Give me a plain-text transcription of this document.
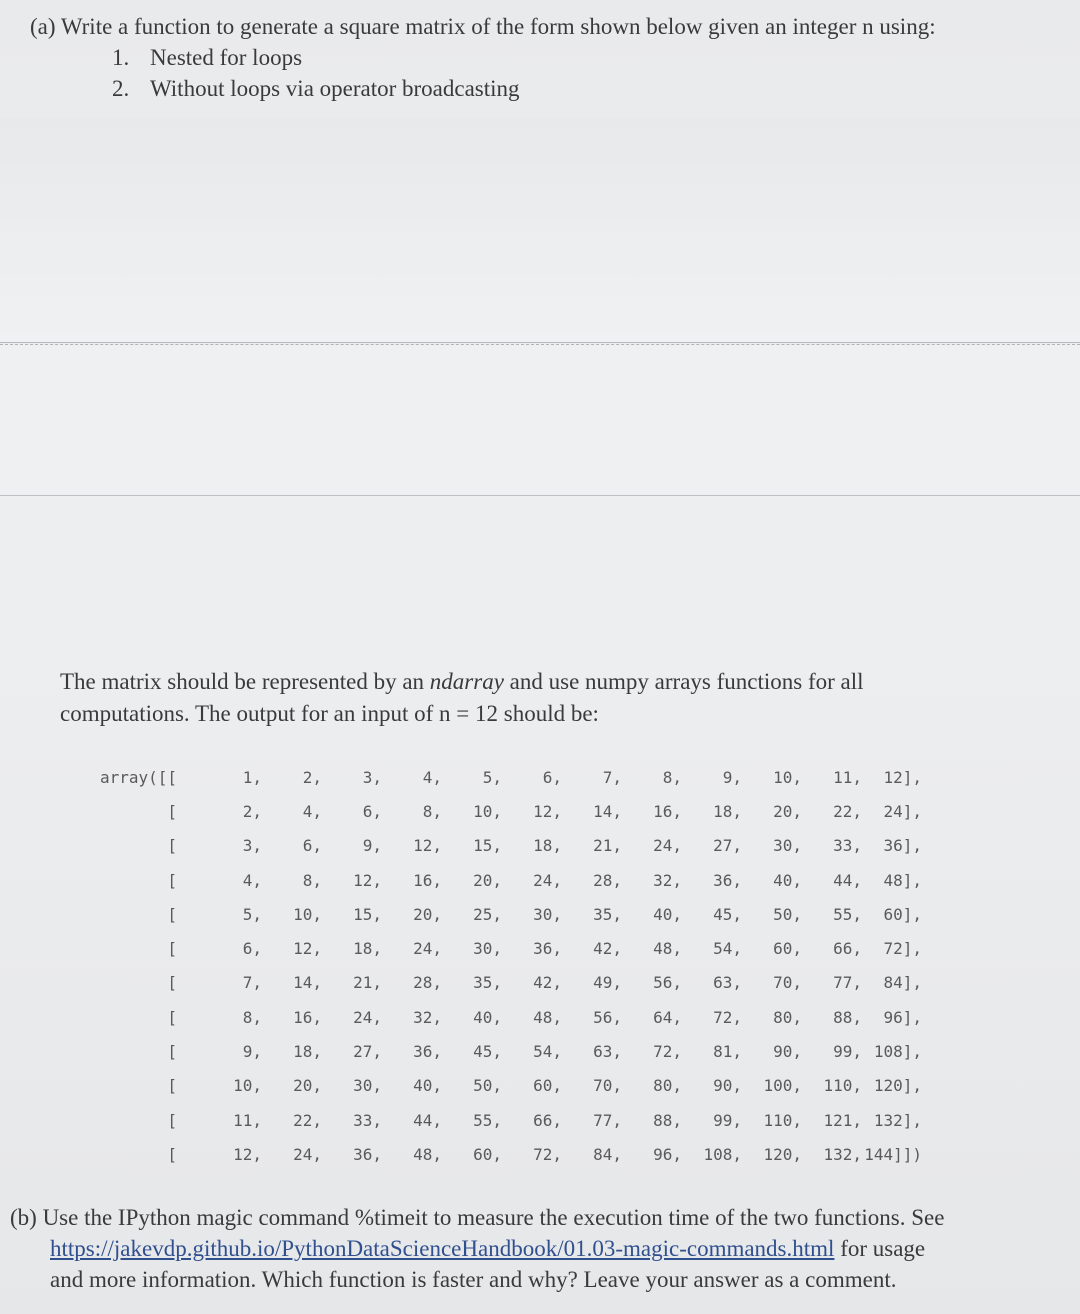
(a) Write a function to generate a square matrix of the form shown below given an integer n using:
1. Nested for loops
2. Without loops via operator broadcasting
The matrix should be represented by an ndarray and use numpy arrays functions for all
computations. The output for an input of n = 12 should be:
array([[	1,	2,	3,	4,	5,	6,	7,	8,	9,	10,	11,	12],
[	2,	4,	6,	8,	10,	12,	14,	16,	18,	20,	22,	24],
[	3,	6,	9,	12,	15,	18,	21,	24,	27,	30,	33,	36],
[	4,	8,	12,	16,	20,	24,	28,	32,	36,	40,	44,	48],
[	5,	10,	15,	20,	25,	30,	35,	40,	45,	50,	55,	60],
[	6,	12,	18,	24,	30,	36,	42,	48,	54,	60,	66,	72],
[	7,	14,	21,	28,	35,	42,	49,	56,	63,	70,	77,	84],
[	8,	16,	24,	32,	40,	48,	56,	64,	72,	80,	88,	96],
[	9,	18,	27,	36,	45,	54,	63,	72,	81,	90,	99, 108],
[	10,	20,	30,	40,	50,	60,	70,	80,	90,	100,	110, 120],
[	11,	22,	33,	44,	55,	66,	77,	88,	99,	110,	121, 132],
[	12,	24,	36,	48,	60,	72,	84,	96,	108,	120,	132, 144]])
(b) Use the IPython magic command %timeit to measure the execution time of the two functions. See
https://jakevdp.github.io/PythonDataScienceHandbook/01.03-magic-commands.html for usage
and more information. Which function is faster and why? Leave your answer as a comment.
